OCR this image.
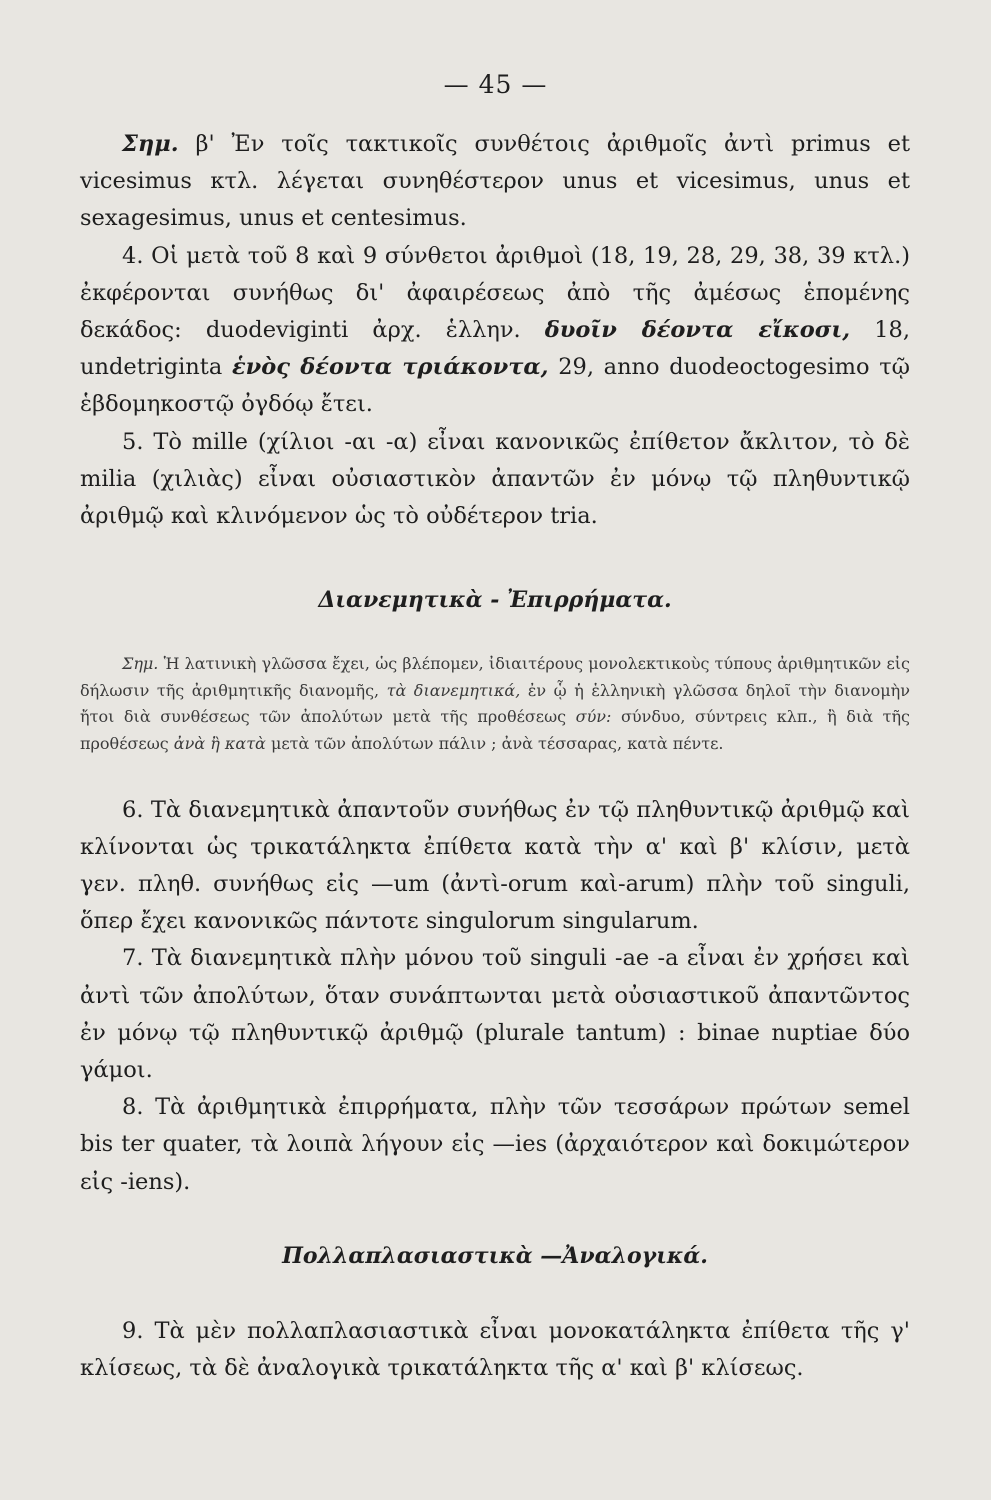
— 45 —

Σημ. β' Ἐν τοῖς τακτικοῖς συνθέτοις ἀριθμοῖς ἀντὶ primus et vicesimus κτλ. λέγεται συνηθέστερον unus et vicesimus, unus et sexagesimus, unus et centesimus.

4. Οἱ μετὰ τοῦ 8 καὶ 9 σύνθετοι ἀριθμοὶ (18, 19, 28, 29, 38, 39 κτλ.) ἐκφέρονται συνήθως δι' ἀφαιρέσεως ἀπὸ τῆς ἀμέσως ἑπομένης δεκάδος: duodeviginti ἀρχ. ἑλλην. δυοῖν δέοντα εἴκοσι, 18, undetriginta ἑνὸς δέοντα τριάκοντα, 29, anno duodeoctogesimo τῷ ἑβδομηκοστῷ ὀγδόῳ ἔτει.

5. Τὸ mille (χίλιοι -αι -α) εἶναι κανονικῶς ἐπίθετον ἄκλιτον, τὸ δὲ milia (χιλιὰς) εἶναι οὐσιαστικὸν ἀπαντῶν ἐν μόνῳ τῷ πληθυντικῷ ἀριθμῷ καὶ κλινόμενον ὡς τὸ οὐδέτερον tria.

Διανεμητικὰ - Ἐπιρρήματα.

Σημ. Ἡ λατινικὴ γλῶσσα ἔχει, ὡς βλέπομεν, ἰδιαιτέρους μονολεκτικοὺς τύπους ἀριθμητικῶν εἰς δήλωσιν τῆς ἀριθμητικῆς διανομῆς, τὰ διανεμητικά, ἐν ᾧ ἡ ἑλληνικὴ γλῶσσα δηλοῖ τὴν διανομὴν ἤτοι διὰ συνθέσεως τῶν ἀπολύτων μετὰ τῆς προθέσεως σύν: σύνδυο, σύντρεις κλπ., ἢ διὰ τῆς προθέσεως ἀνὰ ἢ κατὰ μετὰ τῶν ἀπολύτων πάλιν ; ἀνὰ τέσσαρας, κατὰ πέντε.

6. Τὰ διανεμητικὰ ἀπαντοῦν συνήθως ἐν τῷ πληθυντικῷ ἀριθμῷ καὶ κλίνονται ὡς τρικατάληκτα ἐπίθετα κατὰ τὴν α' καὶ β' κλίσιν, μετὰ γεν. πληθ. συνήθως εἰς —um (ἀντὶ-orum καὶ-arum) πλὴν τοῦ singuli, ὅπερ ἔχει κανονικῶς πάντοτε singulorum singularum.

7. Τὰ διανεμητικὰ πλὴν μόνου τοῦ singuli -ae -a εἶναι ἐν χρήσει καὶ ἀντὶ τῶν ἀπολύτων, ὅταν συνάπτωνται μετὰ οὐσιαστικοῦ ἀπαντῶντος ἐν μόνῳ τῷ πληθυντικῷ ἀριθμῷ (plurale tantum) : binae nuptiae δύο γάμοι.

8. Τὰ ἀριθμητικὰ ἐπιρρήματα, πλὴν τῶν τεσσάρων πρώτων semel bis ter quater, τὰ λοιπὰ λήγουν εἰς —ies (ἀρχαιότερον καὶ δοκιμώτερον εἰς -iens).

Πολλαπλασιαστικὰ —Ἀναλογικά.

9. Τὰ μὲν πολλαπλασιαστικὰ εἶναι μονοκατάληκτα ἐπίθετα τῆς γ' κλίσεως, τὰ δὲ ἀναλογικὰ τρικατάληκτα τῆς α' καὶ β' κλίσεως.
